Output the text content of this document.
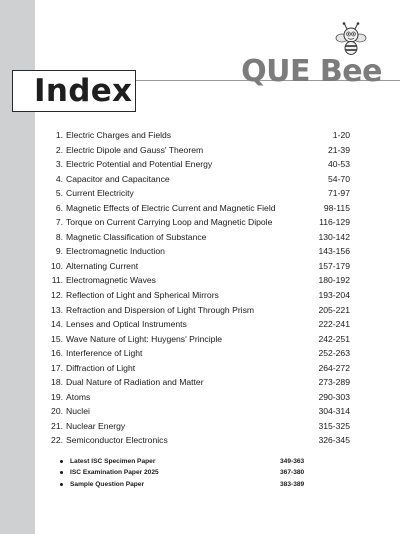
QUE Bee
Index
1. Electric Charges and Fields	1-20
2. Electric Dipole and Gauss' Theorem	21-39
3. Electric Potential and Potential Energy	40-53
4. Capacitor and Capacitance	54-70
5. Current Electricity	71-97
6. Magnetic Effects of Electric Current and Magnetic Field	98-115
7. Torque on Current Carrying Loop and Magnetic Dipole	116-129
8. Magnetic Classification of Substance	130-142
9. Electromagnetic Induction	143-156
10. Alternating Current	157-179
11. Electromagnetic Waves	180-192
12. Reflection of Light and Spherical Mirrors	193-204
13. Refraction and Dispersion of Light Through Prism	205-221
14. Lenses and Optical Instruments	222-241
15. Wave Nature of Light: Huygens' Principle	242-251
16. Interference of Light	252-263
17. Diffraction of Light	264-272
18. Dual Nature of Radiation and Matter	273-289
19. Atoms	290-303
20. Nuclei	304-314
21. Nuclear Energy	315-325
22. Semiconductor Electronics	326-345
Latest ISC Specimen Paper	349-363
ISC Examination Paper 2025	367-380
Sample Question Paper	383-389
